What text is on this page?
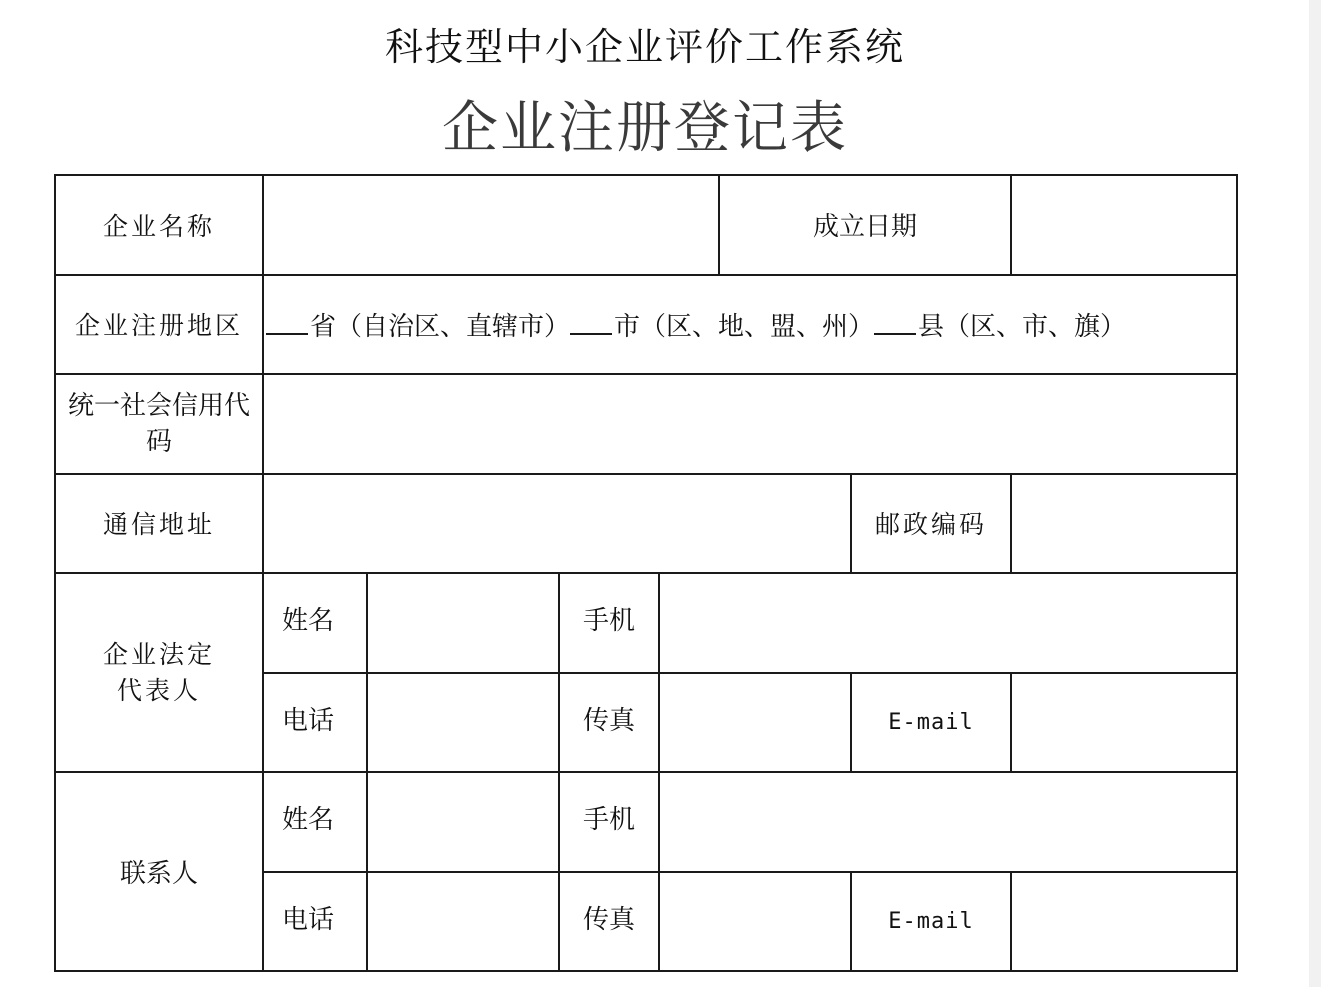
科技型中小企业评价工作系统
企业注册登记表
企业名称					成立日期		
企业注册地区	省（自治区、直辖市） 市（区、地、盟、州） 县（区、市、旗）						
统一社会信用代码							
通信地址						邮政编码	

企业法定
代表人	姓名		手机				
	电话		传真			E-mail	
联系人	姓名		手机				
	电话		传真			E-mail	
